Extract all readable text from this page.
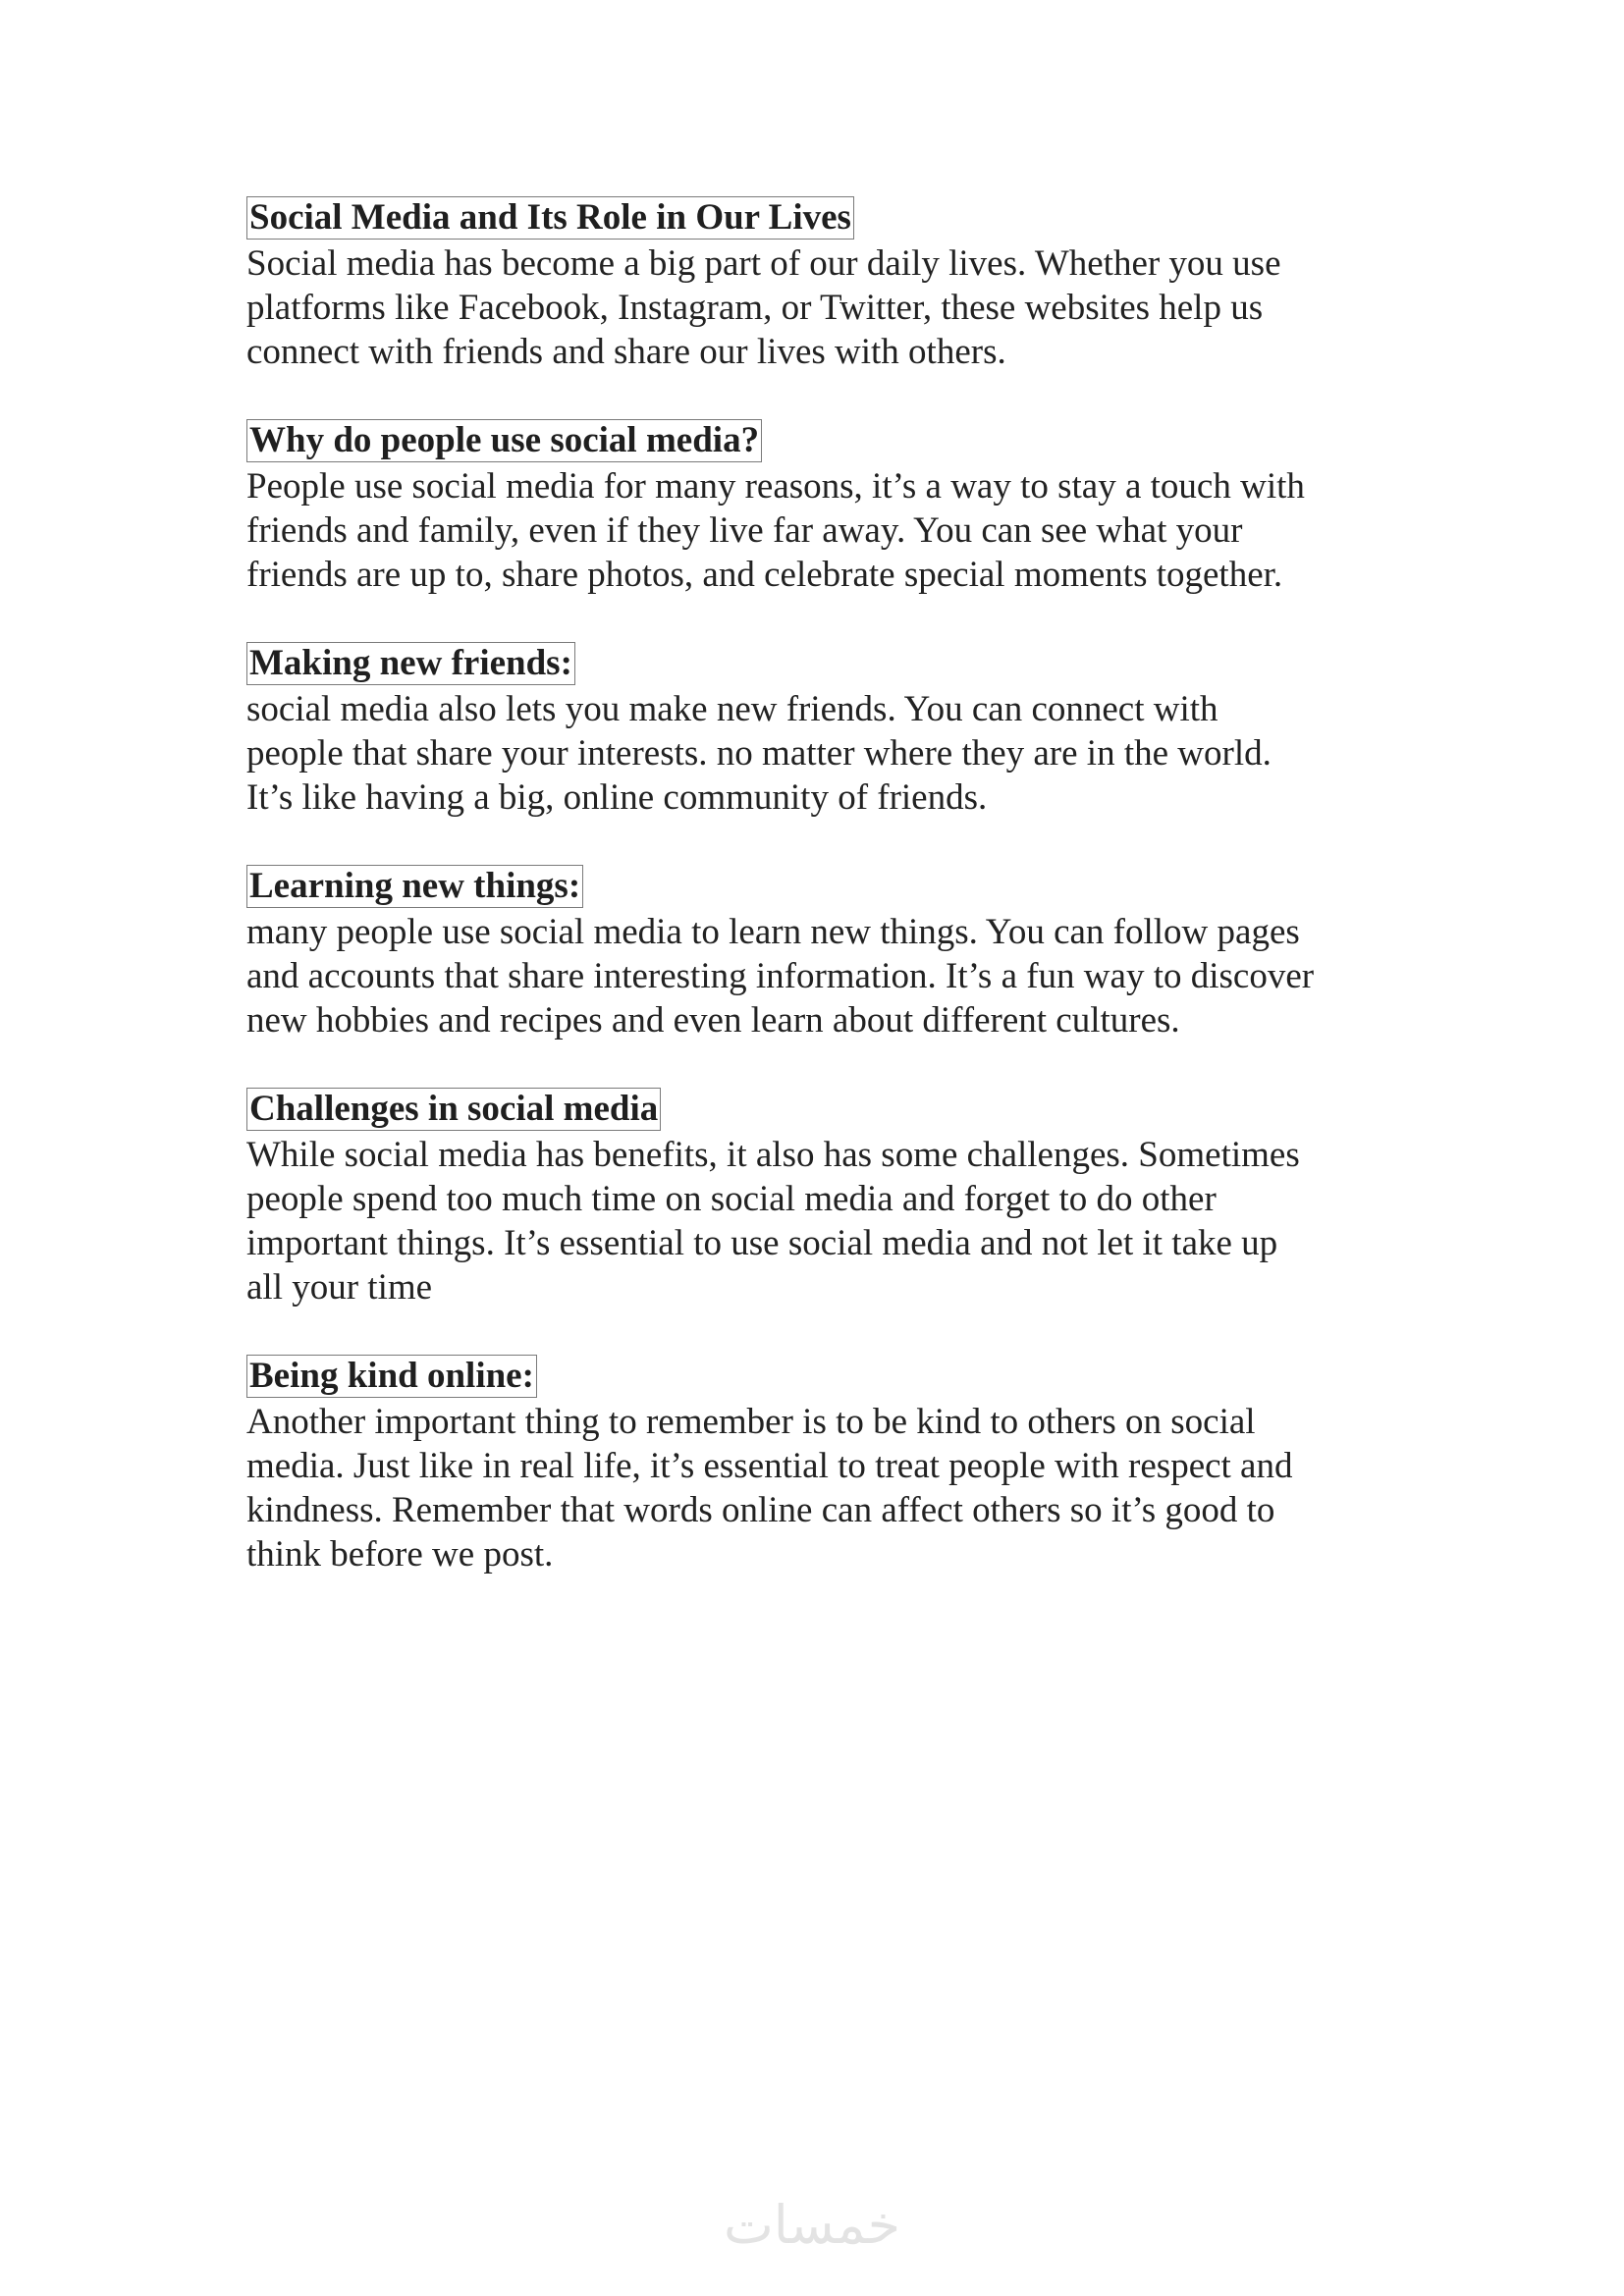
Social Media and Its Role in Our Lives

Social media has become a big part of our daily lives. Whether you use
platforms like Facebook, Instagram, or Twitter, these websites help us
connect with friends and share our lives with others.

Why do people use social media?

People use social media for many reasons, it’s a way to stay a touch with
friends and family, even if they live far away. You can see what your
friends are up to, share photos, and celebrate special moments together.

Making new friends:

social media also lets you make new friends. You can connect with
people that share your interests. no matter where they are in the world.
It’s like having a big, online community of friends.

Learning new things:

many people use social media to learn new things. You can follow pages
and accounts that share interesting information. It’s a fun way to discover
new hobbies and recipes and even learn about different cultures.

Challenges in social media

While social media has benefits, it also has some challenges. Sometimes
people spend too much time on social media and forget to do other
important things. It’s essential to use social media and not let it take up
all your time

Being kind online:

Another important thing to remember is to be kind to others on social
media. Just like in real life, it’s essential to treat people with respect and
kindness. Remember that words online can affect others so it’s good to
think before we post.

خمسات
